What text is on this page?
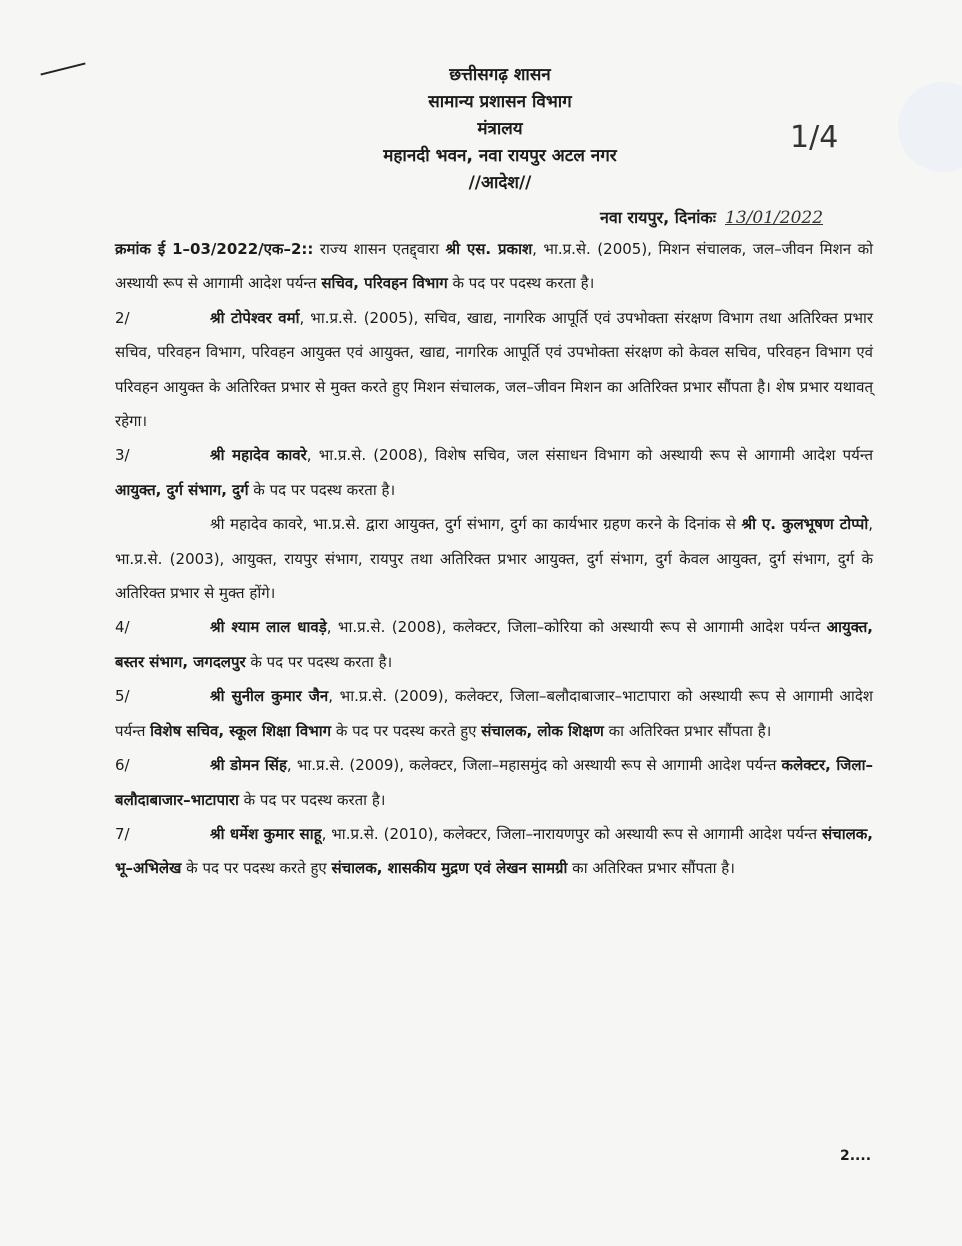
छत्तीसगढ़ शासन
सामान्य प्रशासन विभाग
मंत्रालय
महानदी भवन, नवा रायपुर अटल नगर
//आदेश//
1/4
नवा रायपुर, दिनांकः 13/01/2022

क्रमांक ई 1–03/2022/एक–2:: राज्य शासन एतद्द्वारा श्री एस. प्रकाश, भा.प्र.से. (2005), मिशन संचालक, जल–जीवन मिशन को अस्थायी रूप से आगामी आदेश पर्यन्त सचिव, परिवहन विभाग के पद पर पदस्थ करता है।

2/	श्री टोपेश्वर वर्मा, भा.प्र.से. (2005), सचिव, खाद्य, नागरिक आपूर्ति एवं उपभोक्ता संरक्षण विभाग तथा अतिरिक्त प्रभार सचिव, परिवहन विभाग, परिवहन आयुक्त एवं आयुक्त, खाद्य, नागरिक आपूर्ति एवं उपभोक्ता संरक्षण को केवल सचिव, परिवहन विभाग एवं परिवहन आयुक्त के अतिरिक्त प्रभार से मुक्त करते हुए मिशन संचालक, जल–जीवन मिशन का अतिरिक्त प्रभार सौंपता है। शेष प्रभार यथावत् रहेगा।

3/	श्री महादेव कावरे, भा.प्र.से. (2008), विशेष सचिव, जल संसाधन विभाग को अस्थायी रूप से आगामी आदेश पर्यन्त आयुक्त, दुर्ग संभाग, दुर्ग के पद पर पदस्थ करता है।

श्री महादेव कावरे, भा.प्र.से. द्वारा आयुक्त, दुर्ग संभाग, दुर्ग का कार्यभार ग्रहण करने के दिनांक से श्री ए. कुलभूषण टोप्पो, भा.प्र.से. (2003), आयुक्त, रायपुर संभाग, रायपुर तथा अतिरिक्त प्रभार आयुक्त, दुर्ग संभाग, दुर्ग केवल आयुक्त, दुर्ग संभाग, दुर्ग के अतिरिक्त प्रभार से मुक्त होंगे।

4/	श्री श्याम लाल धावड़े, भा.प्र.से. (2008), कलेक्टर, जिला–कोरिया को अस्थायी रूप से आगामी आदेश पर्यन्त आयुक्त, बस्तर संभाग, जगदलपुर के पद पर पदस्थ करता है।

5/	श्री सुनील कुमार जैन, भा.प्र.से. (2009), कलेक्टर, जिला–बलौदाबाजार–भाटापारा को अस्थायी रूप से आगामी आदेश पर्यन्त विशेष सचिव, स्कूल शिक्षा विभाग के पद पर पदस्थ करते हुए संचालक, लोक शिक्षण का अतिरिक्त प्रभार सौंपता है।

6/	श्री डोमन सिंह, भा.प्र.से. (2009), कलेक्टर, जिला–महासमुंद को अस्थायी रूप से आगामी आदेश पर्यन्त कलेक्टर, जिला–बलौदाबाजार–भाटापारा के पद पर पदस्थ करता है।

7/	श्री धर्मेश कुमार साहू, भा.प्र.से. (2010), कलेक्टर, जिला–नारायणपुर को अस्थायी रूप से आगामी आदेश पर्यन्त संचालक, भू–अभिलेख के पद पर पदस्थ करते हुए संचालक, शासकीय मुद्रण एवं लेखन सामग्री का अतिरिक्त प्रभार सौंपता है।

2....
